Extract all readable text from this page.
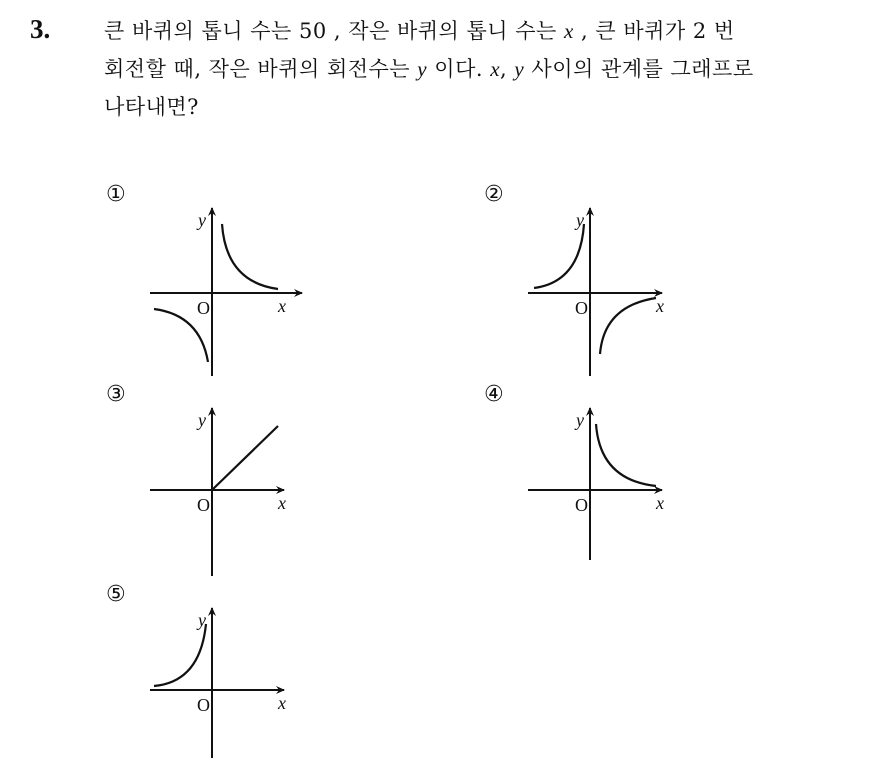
3.	큰 바퀴의 톱니 수는 50 , 작은 바퀴의 톱니 수는 x , 큰 바퀴가 2 번
회전할 때, 작은 바퀴의 회전수는 y 이다. x, y 사이의 관계를 그래프로
나타내면?
①
y
x
O
②
y
x
O
③
y
x
O
④
y
x
O
⑤
y
x
O
